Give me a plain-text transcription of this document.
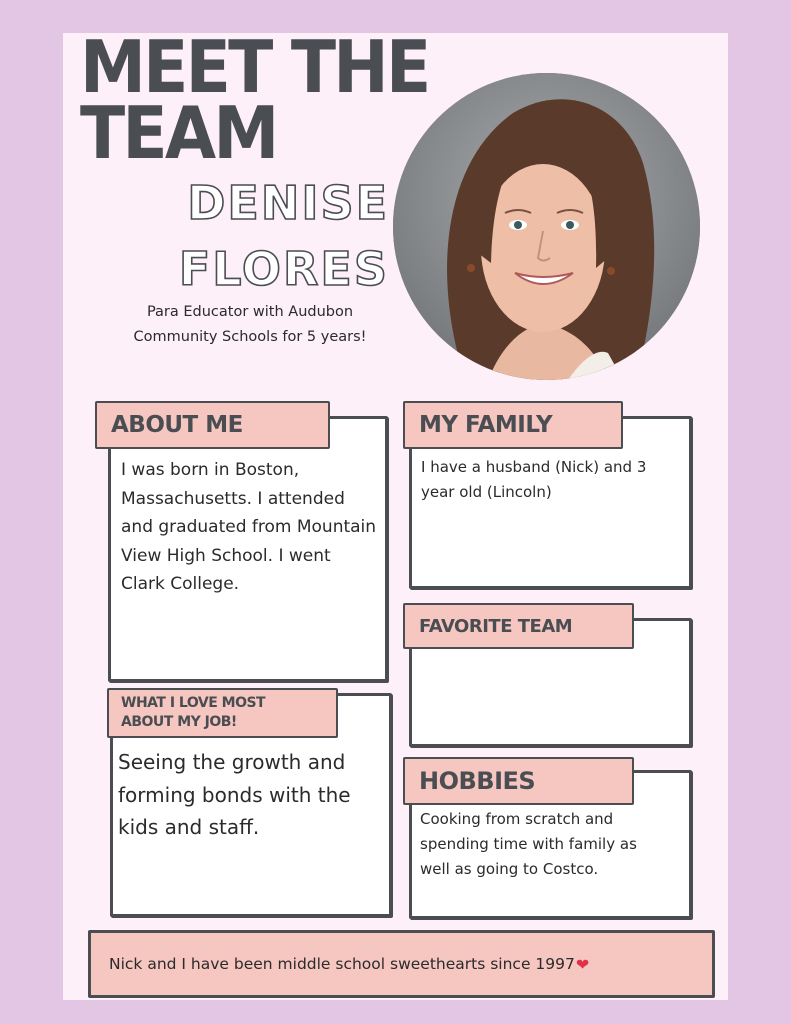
MEET THE
TEAM
DENISE
FLORES
Para Educator with Audubon
Community Schools for 5 years!
ABOUT ME
I was born in Boston, Massachusetts. I attended and graduated from Mountain View High School. I went Clark College.
MY FAMILY
I have a husband (Nick) and 3 year old (Lincoln)
FAVORITE TEAM
WHAT I LOVE MOST
ABOUT MY JOB!
Seeing the growth and forming bonds with the kids and staff.
HOBBIES
Cooking from scratch and spending time with family as well as going to Costco.
Nick and I have been middle school sweethearts since 1997 ❤
